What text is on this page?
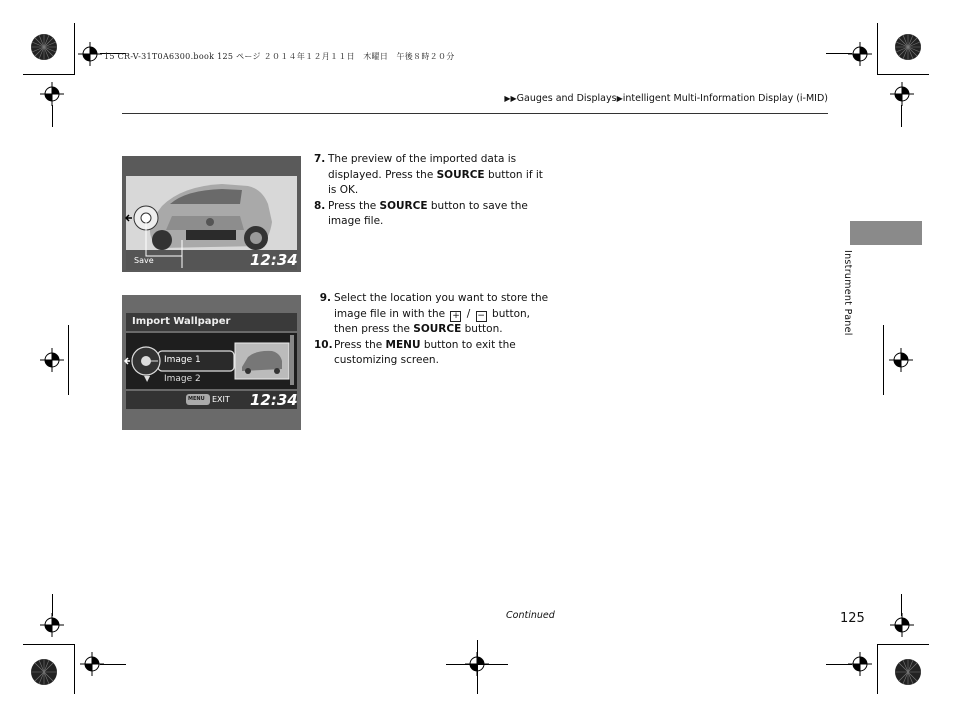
15 CR-V-31T0A6300.book 125 ページ ２０１４年１２月１１日　木曜日　午後８時２０分
▶▶Gauges and Displays▶intelligent Multi-Information Display (i-MID)
Instrument Panel
Save	12:34
7. The preview of the imported data is displayed. Press the SOURCE button if it is OK.
8. Press the SOURCE button to save the image file.
Import Wallpaper
Image 1
Image 2
▼
MENU EXIT 12:34
9. Select the location you want to store the image file in with the + / − button, then press the SOURCE button.
10. Press the MENU button to exit the customizing screen.
Continued	125
